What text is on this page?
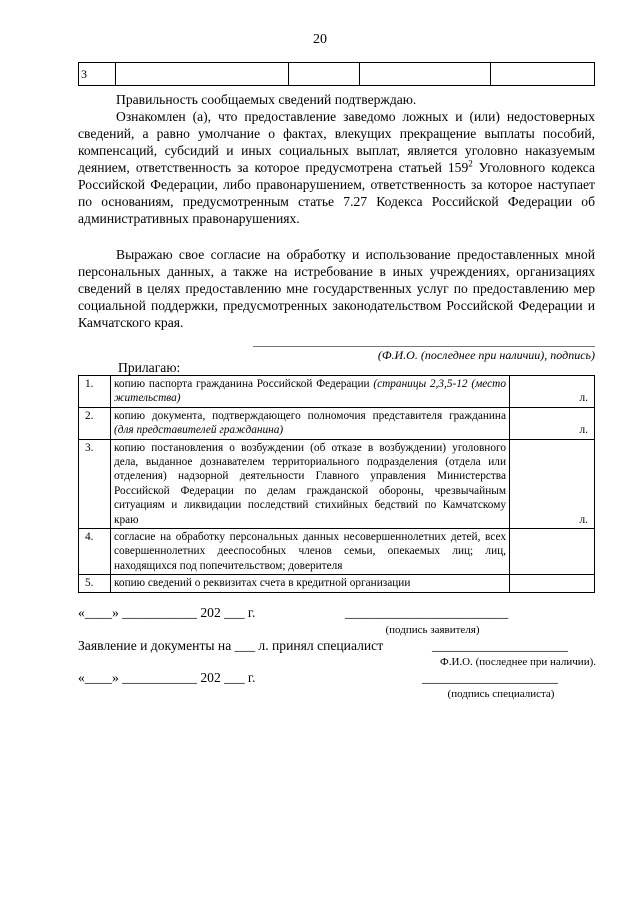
20
3				

Правильность сообщаемых сведений подтверждаю.

Ознакомлен (а), что предоставление заведомо ложных и (или) недостоверных сведений, а равно умолчание о фактах, влекущих прекращение выплаты пособий, компенсаций, субсидий и иных социальных выплат, является уголовно наказуемым деянием, ответственность за которое предусмотрена статьей $159^2$ Уголовного кодекса Российской Федерации, либо правонарушением, ответственность за которое наступает по основаниям, предусмотренным статье 7.27 Кодекса Российской Федерации об административных правонарушениях.

Выражаю свое согласие на обработку и использование предоставленных мной персональных данных, а также на истребование в иных учреждениях, организациях сведений в целях предоставлению мне государственных услуг по предоставлению мер социальной поддержки, предусмотренных законодательством Российской Федерации и Камчатского края.

(Ф.И.О. (последнее при наличии), подпись)
Прилагаю:
1.	копию паспорта гражданина Российской Федерации (страницы 2,3,5-12 (место жительства)	л.
2.	копию документа, подтверждающего полномочия представителя гражданина (для представителей гражданина)	л.
3.	копию постановления о возбуждении (об отказе в возбуждении) уголовного дела, выданное дознавателем территориального подразделения (отдела или отделения) надзорной деятельности Главного управления Министерства Российской Федерации по делам гражданской обороны, чрезвычайным ситуациям и ликвидации последствий стихийных бедствий по Камчатскому краю	л.
4.	согласие на обработку персональных данных несовершеннолетних детей, всех совершеннолетних дееспособных членов семьи, опекаемых лиц; лиц, находящихся под попечительством; доверителя	
5.	копию сведений о реквизитах счета в кредитной организации	
«____» ___________ 202 ___ г.	________________________
(подпись заявителя)
Заявление и документы на ___ л. принял специалист	____________________
Ф.И.О. (последнее при наличии).
«____» ___________ 202 ___ г.	____________________
(подпись специалиста)
